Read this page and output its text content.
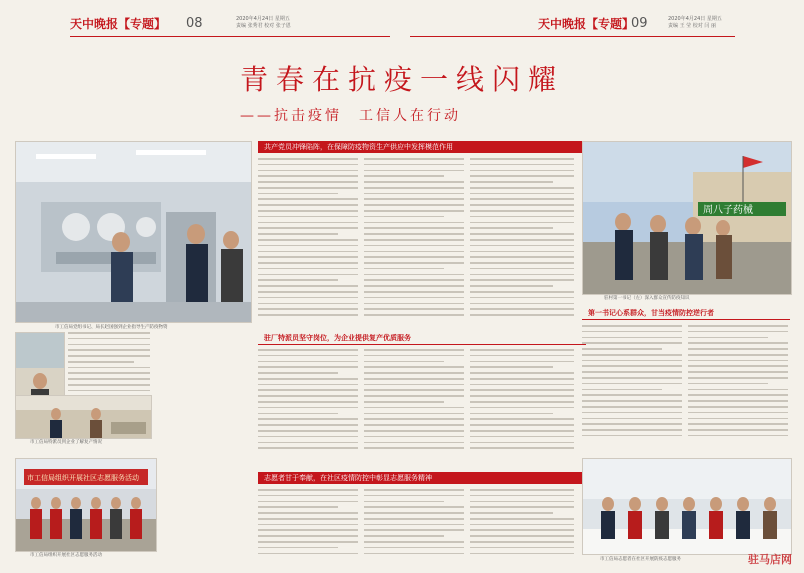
天中晚报【专题】 08	2020年4月24日 星期五
责编 张秀君 校对 张子恩	天中晚报【专题】
09	2020年4月24日 星期五
责编 王 莹 校对 闫 丽
青春在抗疫一线闪耀
——抗击疫情　工信人在行动
共产党员冲锋陷阵，在保障防疫物资生产供应中发挥模范作用
市工信局党组书记、局长赵国强到企业指导生产防疫物资
周八子药械
驻村第一书记（左）深入群众宣传防疫知识
第一书记心系群众，甘当疫情防控逆行者
市工信局特派员到企业了解复产情况
驻厂特派员坚守岗位，为企业提供复产优质服务
市工信局组织开展社区志愿服务活动
市工信局组织开展社区志愿服务活动
志愿者甘于奉献，在社区疫情防控中彰显志愿服务精神
市工信局志愿者在社区开展防疫志愿服务	驻马店网
